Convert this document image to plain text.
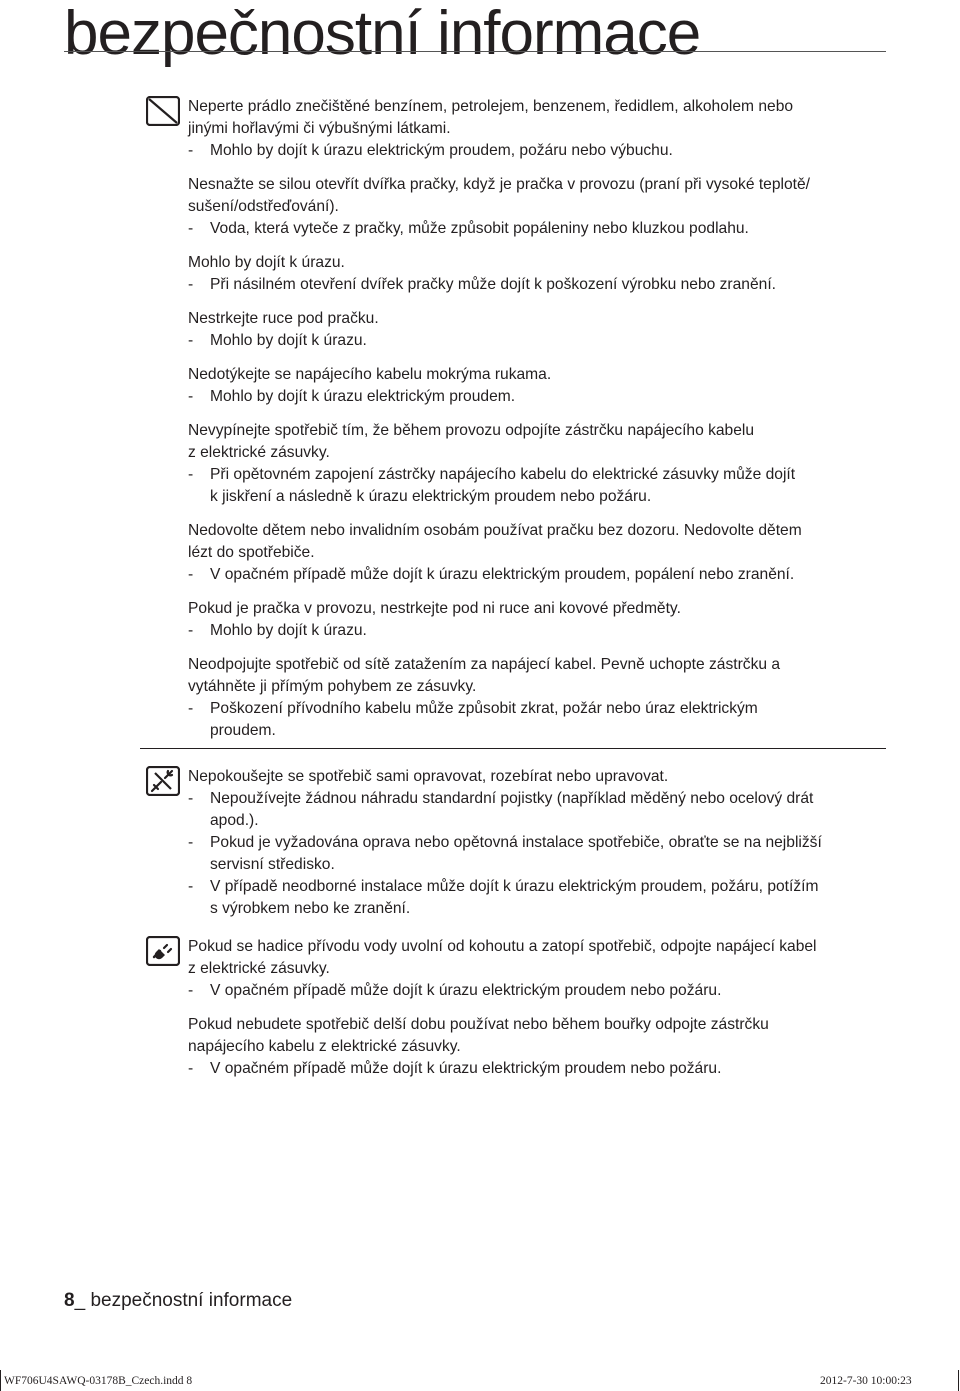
bezpečnostní informace

Neperte prádlo znečištěné benzínem, petrolejem, benzenem, ředidlem, alkoholem nebo

jinými hořlavými či výbušnými látkami.

- Mohlo by dojít k úrazu elektrickým proudem, požáru nebo výbuchu.

Nesnažte se silou otevřít dvířka pračky, když je pračka v provozu (praní při vysoké teplotě/

sušení/odstřeďování).

- Voda, která vyteče z pračky, může způsobit popáleniny nebo kluzkou podlahu.

Mohlo by dojít k úrazu.

- Při násilném otevření dvířek pračky může dojít k poškození výrobku nebo zranění.

Nestrkejte ruce pod pračku.

- Mohlo by dojít k úrazu.

Nedotýkejte se napájecího kabelu mokrýma rukama.

- Mohlo by dojít k úrazu elektrickým proudem.

Nevypínejte spotřebič tím, že během provozu odpojíte zástrčku napájecího kabelu

z elektrické zásuvky.

- Při opětovném zapojení zástrčky napájecího kabelu do elektrické zásuvky může dojít
k jiskření a následně k úrazu elektrickým proudem nebo požáru.

Nedovolte dětem nebo invalidním osobám používat pračku bez dozoru. Nedovolte dětem

lézt do spotřebiče.

- V opačném případě může dojít k úrazu elektrickým proudem, popálení nebo zranění.

Pokud je pračka v provozu, nestrkejte pod ni ruce ani kovové předměty.

- Mohlo by dojít k úrazu.

Neodpojujte spotřebič od sítě zatažením za napájecí kabel. Pevně uchopte zástrčku a

vytáhněte ji přímým pohybem ze zásuvky.

- Poškození přívodního kabelu může způsobit zkrat, požár nebo úraz elektrickým
proudem.

Nepokoušejte se spotřebič sami opravovat, rozebírat nebo upravovat.

- Nepoužívejte žádnou náhradu standardní pojistky (například měděný nebo ocelový drát
apod.).
- Pokud je vyžadována oprava nebo opětovná instalace spotřebiče, obraťte se na nejbližší
servisní středisko.
- V případě neodborné instalace může dojít k úrazu elektrickým proudem, požáru, potížím
s výrobkem nebo ke zranění.

Pokud se hadice přívodu vody uvolní od kohoutu a zatopí spotřebič, odpojte napájecí kabel

z elektrické zásuvky.

- V opačném případě může dojít k úrazu elektrickým proudem nebo požáru.

Pokud nebudete spotřebič delší dobu používat nebo během bouřky odpojte zástrčku

napájecího kabelu z elektrické zásuvky.

- V opačném případě může dojít k úrazu elektrickým proudem nebo požáru.
8_ bezpečnostní informace
WF706U4SAWQ-03178B_Czech.indd 8	2012-7-30 10:00:23
